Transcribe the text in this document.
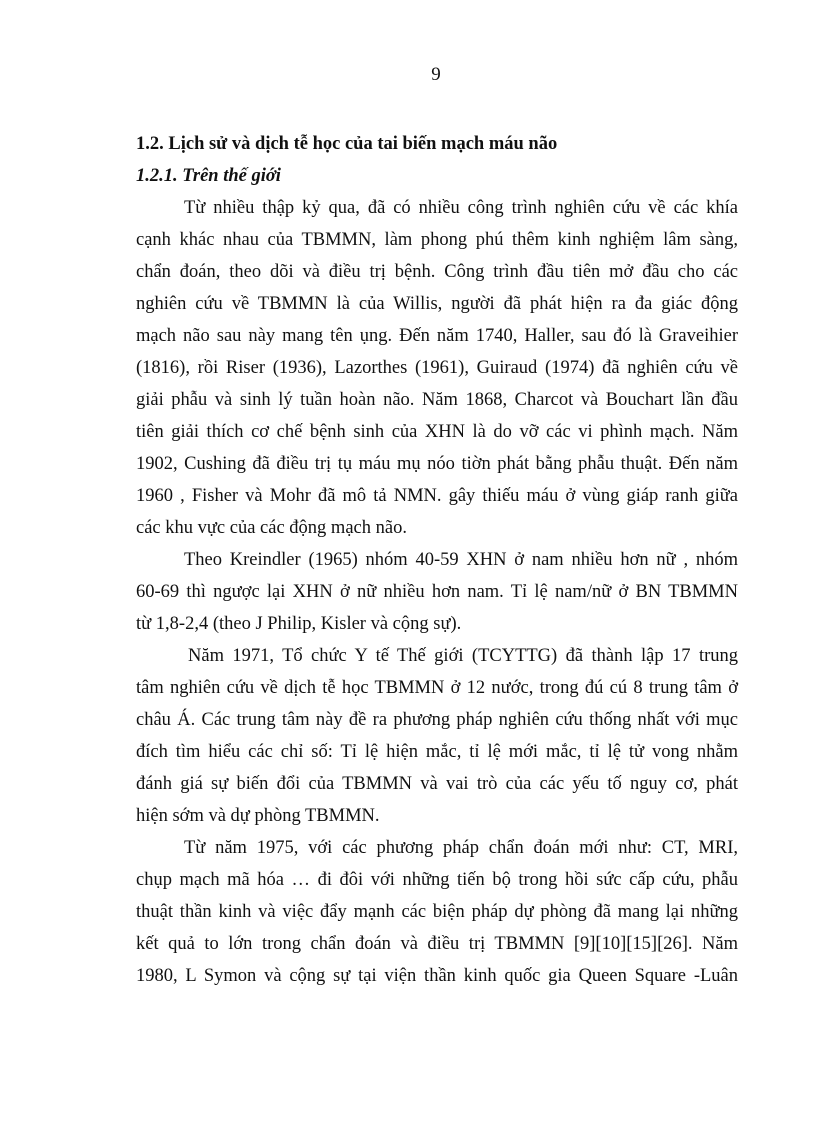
9
1.2. Lịch sử và dịch tễ học của tai biến mạch máu não
1.2.1. Trên thế giới
Từ nhiều thập kỷ qua, đã có nhiều công trình nghiên cứu về các khía
cạnh khác nhau của TBMMN, làm phong phú thêm kinh nghiệm lâm sàng,
chẩn đoán, theo dõi và điều trị bệnh. Công trình đầu tiên mở đầu cho các
nghiên cứu về TBMMN là của Willis, người đã phát hiện ra đa giác động
mạch não sau này mang tên ụng. Đến năm 1740, Haller, sau đó là Graveihier
(1816), rồi Riser (1936), Lazorthes (1961), Guiraud (1974) đã nghiên cứu về
giải phẫu và sinh lý tuần hoàn não. Năm 1868, Charcot và Bouchart lần đầu
tiên giải thích cơ chế bệnh sinh của XHN là do vỡ các vi phình mạch. Năm
1902, Cushing đã điều trị tụ máu mụ nóo tiờn phát bằng phẫu thuật. Đến năm
1960 , Fisher và Mohr đã mô tả NMN. gây thiếu máu ở vùng giáp ranh giữa
các khu vực của các động mạch não.
Theo Kreindler (1965) nhóm 40-59 XHN ở nam nhiều hơn nữ , nhóm
60-69 thì ngược lại XHN ở nữ nhiều hơn nam. Tỉ lệ nam/nữ ở BN TBMMN
từ 1,8-2,4 (theo J Philip, Kisler và cộng sự).
Năm 1971, Tổ chức Y tế Thế giới (TCYTTG) đã thành lập 17 trung
tâm nghiên cứu về dịch tễ học TBMMN ở 12 nước, trong đú cú 8 trung tâm ở
châu Á. Các trung tâm này đề ra phương pháp nghiên cứu thống nhất với mục
đích tìm hiểu các chỉ số: Tỉ lệ hiện mắc, tỉ lệ mới mắc, tỉ lệ tử vong nhằm
đánh giá sự biến đổi của TBMMN và vai trò của các yếu tố nguy cơ, phát
hiện sớm và dự phòng TBMMN.
Từ năm 1975, với các phương pháp chẩn đoán mới như: CT, MRI,
chụp mạch mã hóa … đi đôi với những tiến bộ trong hồi sức cấp cứu, phẫu
thuật thần kinh và việc đẩy mạnh các biện pháp dự phòng đã mang lại những
kết quả to lớn trong chẩn đoán và điều trị TBMMN [9][10][15][26]. Năm
1980, L Symon và cộng sự tại viện thần kinh quốc gia Queen Square -Luân
